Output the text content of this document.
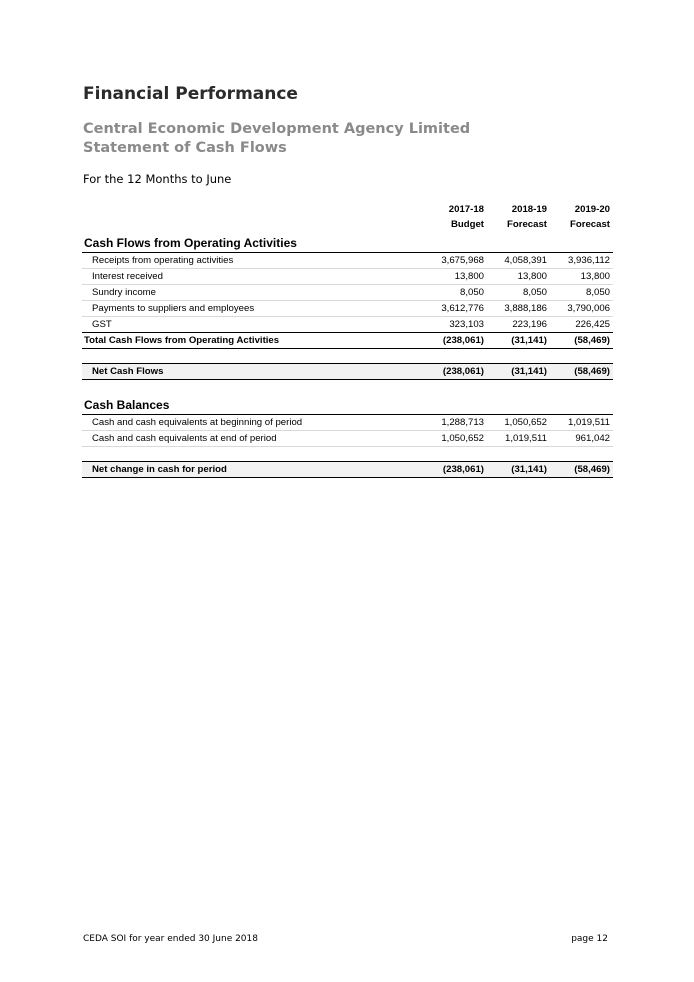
Financial Performance
Central Economic Development Agency Limited
Statement of Cash Flows

For the 12 Months to June

	2017-18	2018-19	2019-20
	Budget	Forecast	Forecast
Cash Flows from Operating Activities			
Receipts from operating activities	3,675,968	4,058,391	3,936,112
Interest received	13,800	13,800	13,800
Sundry income	8,050	8,050	8,050
Payments to suppliers and employees	3,612,776	3,888,186	3,790,006
GST	323,103	223,196	226,425
Total Cash Flows from Operating Activities	(238,061)	(31,141)	(58,469)

Net Cash Flows	(238,061)	(31,141)	(58,469)

Cash Balances			
Cash and cash equivalents at beginning of period	1,288,713	1,050,652	1,019,511
Cash and cash equivalents at end of period	1,050,652	1,019,511	961,042

Net change in cash for period	(238,061)	(31,141)	(58,469)
CEDA SOI for year ended 30 June 2018	page 12
